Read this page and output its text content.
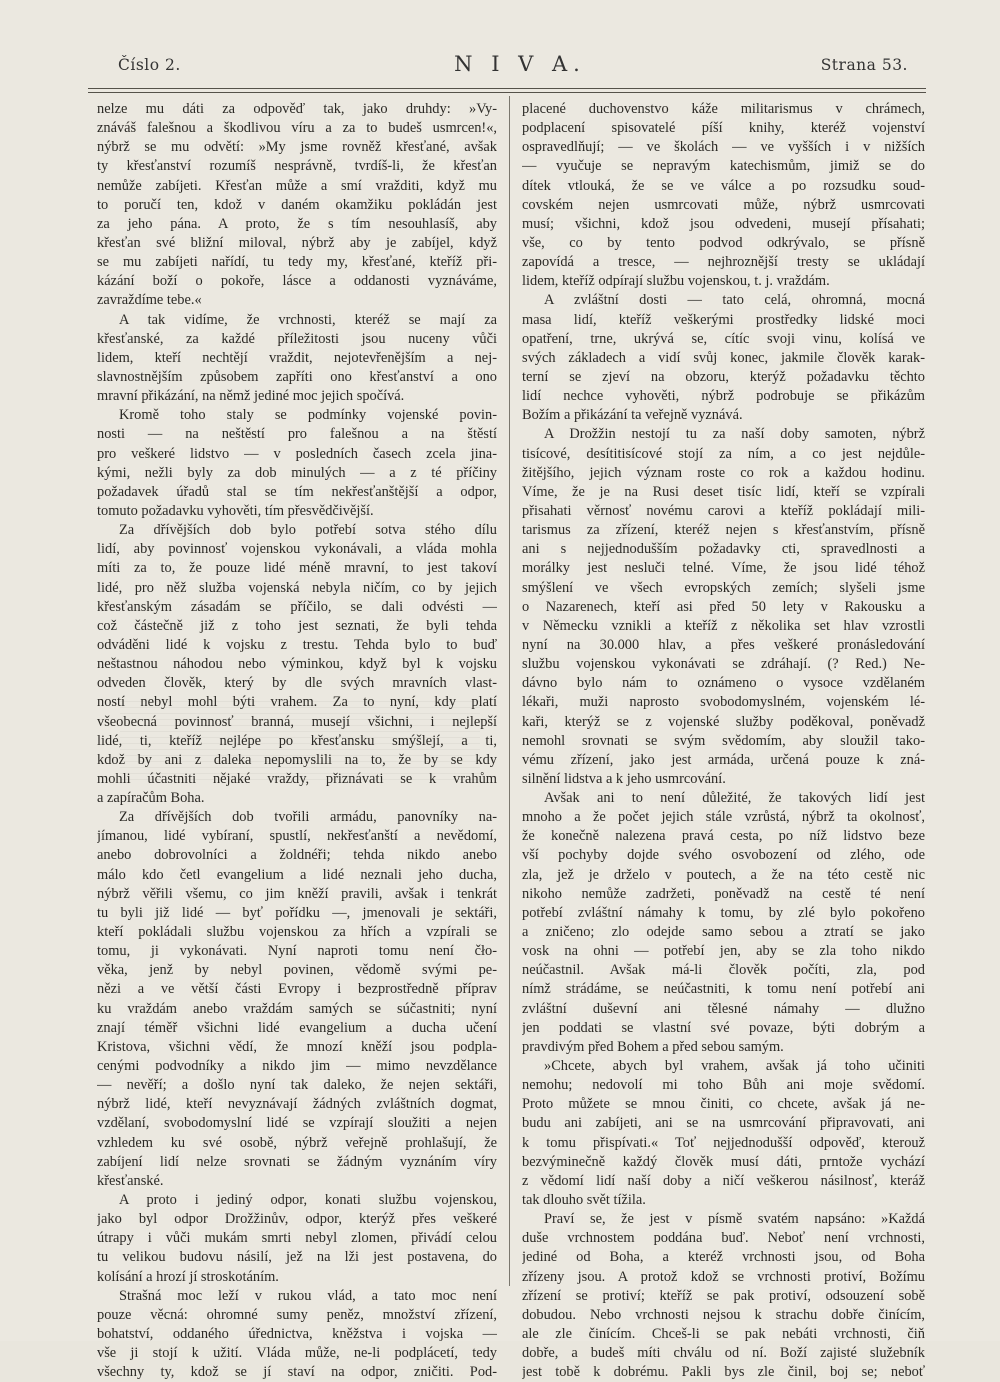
Číslo 2.	N I V A.	Strana 53.
nelze mu dáti za odpověď tak, jako druhdy: »Vy-
znáváš falešnou a škodlivou víru a za to budeš usmrcen!«,
nýbrž se mu odvětí: »My jsme rovněž křesťané, avšak
ty křesťanství rozumíš nesprávně, tvrdíš-li, že křesťan
nemůže zabíjeti. Křesťan může a smí vražditi, když mu
to poručí ten, kdož v daném okamžiku pokládán jest
za jeho pána. A proto, že s tím nesouhlasíš, aby
křesťan své bližní miloval, nýbrž aby je zabíjel, když
se mu zabíjeti nařídí, tu tedy my, křesťané, kteříž při-
kázání boží o pokoře, lásce a oddanosti vyznáváme,
zavraždíme tebe.«
A tak vidíme, že vrchnosti, kteréž se mají za
křesťanské, za každé příležitosti jsou nuceny vůči
lidem, kteří nechtějí vraždit, nejotevřenějším a nej-
slavnostnějším způsobem zapříti ono křesťanství a ono
mravní přikázání, na němž jediné moc jejich spočívá.
Kromě toho staly se podmínky vojenské povin-
nosti — na neštěstí pro falešnou a na štěstí
pro veškeré lidstvo — v posledních časech zcela jina-
kými, nežli byly za dob minulých — a z té příčiny
požadavek úřadů stal se tím nekřesťanštější a odpor,
tomuto požadavku vyhověti, tím přesvědčivější.
Za dřívějších dob bylo potřebí sotva stého dílu
lidí, aby povinnosť vojenskou vykonávali, a vláda mohla
míti za to, že pouze lidé méně mravní, to jest takoví
lidé, pro něž služba vojenská nebyla ničím, co by jejich
křesťanským zásadám se příčilo, se dali odvésti —
což částečně již z toho jest seznati, že byli tehda
odváděni lidé k vojsku z trestu. Tehda bylo to buď
neštastnou náhodou nebo výminkou, když byl k vojsku
odveden člověk, který by dle svých mravních vlast-
ností nebyl mohl býti vrahem. Za to nyní, kdy platí
všeobecná povinnosť branná, musejí všichni, i nejlepší
lidé, ti, kteříž nejlépe po křesťansku smýšlejí, a ti,
kdož by ani z daleka nepomyslili na to, že by se kdy
mohli účastniti nějaké vraždy, přiznávati se k vrahům
a zapíračům Boha.
Za dřívějších dob tvořili armádu, panovníky na-
jímanou, lidé vybíraní, spustlí, nekřesťanští a nevědomí,
anebo dobrovolníci a žoldnéři; tehda nikdo anebo
málo kdo četl evangelium a lidé neznali jeho ducha,
nýbrž věřili všemu, co jim kněží pravili, avšak i tenkrát
tu byli již lidé — byť pořídku —, jmenovali je sektáři,
kteří pokládali službu vojenskou za hřích a vzpírali se
tomu, ji vykonávati. Nyní naproti tomu není čło-
věka, jenž by nebyl povinen, vědomě svými pe-
nězi a ve větší části Evropy i bezprostředně příprav
ku vraždám anebo vraždám samých se súčastniti; nyní
znají téměř všichni lidé evangelium a ducha učení
Kristova, všichni vědí, že mnozí kněží jsou podpla-
cenými podvodníky a nikdo jim — mimo nevzdělance
— nevěří; a došlo nyní tak daleko, že nejen sektáři,
nýbrž lidé, kteří nevyznávají žádných zvláštních dogmat,
vzdělaní, svobodomyslní lidé se vzpírají sloužiti a nejen
vzhledem ku své osobě, nýbrž veřejně prohlašují, že
zabíjení lidí nelze srovnati se žádným vyznáním víry
křesťanské.
A proto i jediný odpor, konati službu vojenskou,
jako byl odpor Drožžinův, odpor, kterýž přes veškeré
útrapy i vůči mukám smrti nebyl zlomen, přivádí celou
tu velikou budovu násilí, jež na lži jest postavena, do
kolísání a hrozí jí stroskotáním.
Strašná moc leží v rukou vlád, a tato moc není
pouze věcná: ohromné sumy peněz, množství zřízení,
bohatství, oddaného úřednictva, kněžstva i vojska —
vše ji stojí k užití. Vláda může, ne-li podplácetí, tedy
všechny ty, kdož se jí staví na odpor, zničiti. Pod-
placené duchovenstvo káže militarismus v chrámech,
podplacení spisovatelé píší knihy, kteréž vojenství
ospravedlňují; — ve školách — ve vyšších i v nižších
— vyučuje se nepravým katechismům, jimiž se do
dítek vtlouká, že se ve válce a po rozsudku soud-
covském nejen usmrcovati může, nýbrž usmrcovati
musí; všichni, kdož jsou odvedeni, musejí přísahati;
vše, co by tento podvod odkrývalo, se přísně
zapovídá a tresce, — nejhroznější tresty se ukládají
lidem, kteříž odpírají službu vojenskou, t. j. vraždám.
A zvláštní dosti — tato celá, ohromná, mocná
masa lidí, kteříž veškerými prostředky lidské moci
opatření, trne, ukrývá se, cítíc svoji vinu, kolísá ve
svých základech a vidí svůj konec, jakmile člověk karak-
terní se zjeví na obzoru, kterýž požadavku těchto
lidí nechce vyhověti, nýbrž podrobuje se přikázům
Božím a přikázání ta veřejně vyznává.
A Drožžin nestojí tu za naší doby samoten, nýbrž
tisícové, desítitisícové stojí za ním, a co jest nejdůle-
žitějšího, jejich význam roste co rok a každou hodinu.
Víme, že je na Rusi deset tisíc lidí, kteří se vzpírali
přisahati věrnosť novému carovi a kteříž pokládají mili-
tarismus za zřízení, kteréž nejen s křesťanstvím, přísně
ani s nejjednodušším požadavky cti, spravedlnosti a
morálky jest nesluči telné. Víme, že jsou lidé téhož
smýšlení ve všech evropských zemích; slyšeli jsme
o Nazarenech, kteří asi před 50 lety v Rakousku a
v Německu vznikli a kteříž z několika set hlav vzrostli
nyní na 30.000 hlav, a přes veškeré pronásledování
službu vojenskou vykonávati se zdráhají. (? Red.) Ne-
dávno bylo nám to oznámeno o vysoce vzdělaném
lékaři, muži naprosto svobodomyslném, vojenském lé-
kaři, kterýž se z vojenské služby poděkoval, poněvadž
nemohl srovnati se svým svědomím, aby sloužil tako-
vému zřízení, jako jest armáda, určená pouze k zná-
silnění lidstva a k jeho usmrcování.
Avšak ani to není důležité, že takových lidí jest
mnoho a že počet jejich stále vzrůstá, nýbrž ta okolnosť,
že konečně nalezena pravá cesta, po níž lidstvo beze
vší pochyby dojde svého osvobození od zlého, ode
zla, jež je drželo v poutech, a že na této cestě nic
nikoho nemůže zadržeti, poněvadž na cestě té není
potřebí zvláštní námahy k tomu, by zlé bylo pokořeno
a zničeno; zlo odejde samo sebou a ztratí se jako
vosk na ohni — potřebí jen, aby se zla toho nikdo
neúčastnil. Avšak má-li člověk počíti, zla, pod
nímž strádáme, se neúčastniti, k tomu není potřebí ani
zvláštní duševní ani tělesné námahy — dlužno
jen poddati se vlastní své povaze, býti dobrým a
pravdivým před Bohem a před sebou samým.
»Chcete, abych byl vrahem, avšak já toho učiniti
nemohu; nedovolí mi toho Bůh ani moje svědomí.
Proto můžete se mnou činiti, co chcete, avšak já ne-
budu ani zabíjeti, ani se na usmrcování připravovati, ani
k tomu přispívati.« Toť nejjednodušší odpověď, kterouž
bezvýminečně každý člověk musí dáti, prntože vychází
z vědomí lidí naší doby a ničí veškerou násilnosť, kteráž
tak dlouho svět tížila.
Praví se, že jest v písmě svatém napsáno: »Každá
duše vrchnostem poddána buď. Neboť není vrchnosti,
jediné od Boha, a kteréž vrchnosti jsou, od Boha
zřízeny jsou. A protož kdož se vrchnosti protiví, Božímu
zřízení se protiví; kteříž se pak protiví, odsouzení sobě
dobudou. Nebo vrchnosti nejsou k strachu dobře činícím,
ale zle činícím. Chceš-li se pak nebáti vrchnosti, čiň
dobře, a budeš míti chválu od ní. Boží zajisté služebník
jest tobě k dobrému. Pakli bys zle činil, boj se; neboť
